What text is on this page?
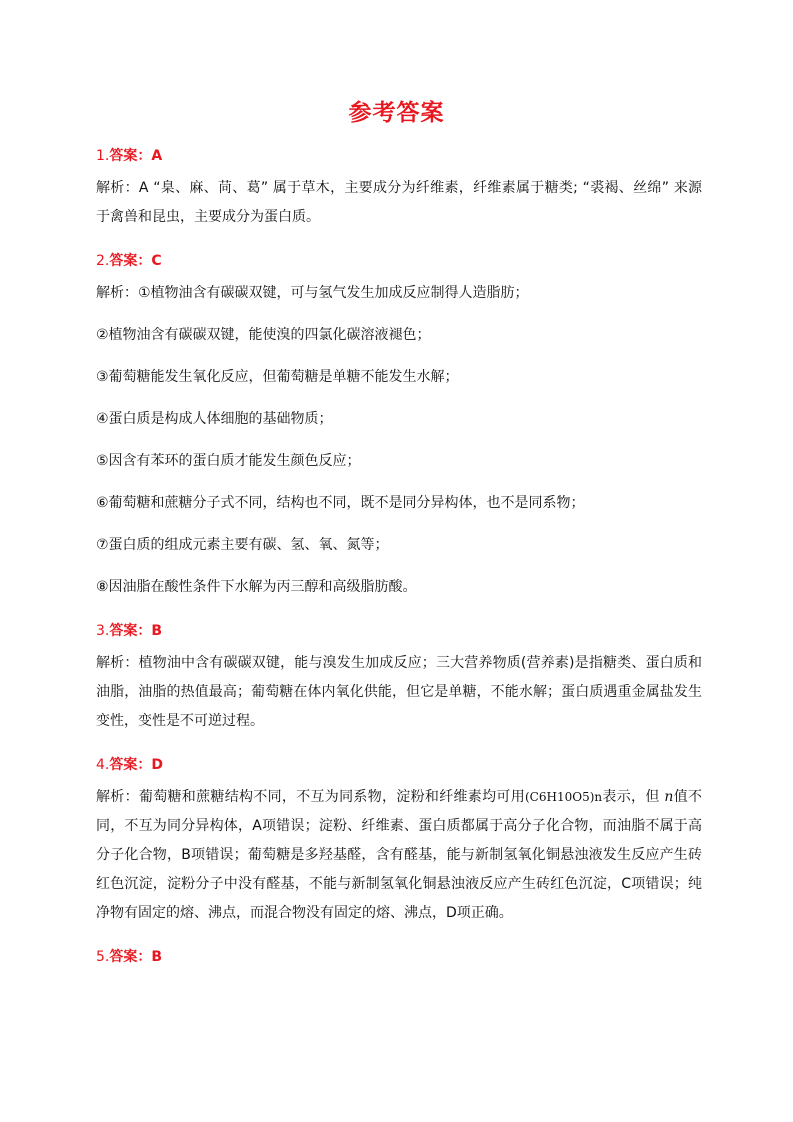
参考答案
1.答案：A
解析：A “臬、麻、苘、葛” 属于草木，主要成分为纤维素，纤维素属于糖类; “裘褐、丝绵” 来源于禽兽和昆虫，主要成分为蛋白质。
2.答案：C
解析：①植物油含有碳碳双键，可与氢气发生加成反应制得人造脂肪；
②植物油含有碳碳双键，能使溴的四氯化碳溶液褪色；
③葡萄糖能发生氧化反应，但葡萄糖是单糖不能发生水解；
④蛋白质是构成人体细胞的基础物质；
⑤因含有苯环的蛋白质才能发生颜色反应；
⑥葡萄糖和蔗糖分子式不同，结构也不同，既不是同分异构体，也不是同系物；
⑦蛋白质的组成元素主要有碳、氢、氧、氮等；
⑧因油脂在酸性条件下水解为丙三醇和高级脂肪酸。
3.答案：B
解析：植物油中含有碳碳双键，能与溴发生加成反应；三大营养物质(营养素)是指糖类、蛋白质和油脂，油脂的热值最高；葡萄糖在体内氧化供能，但它是单糖，不能水解；蛋白质遇重金属盐发生变性，变性是不可逆过程。
4.答案：D
解析：葡萄糖和蔗糖结构不同，不互为同系物，淀粉和纤维素均可用(C6H10O5)n表示，但 n值不同，不互为同分异构体，A项错误；淀粉、纤维素、蛋白质都属于高分子化合物，而油脂不属于高分子化合物，B项错误；葡萄糖是多羟基醛，含有醛基，能与新制氢氧化铜悬浊液发生反应产生砖红色沉淀，淀粉分子中没有醛基，不能与新制氢氧化铜悬浊液反应产生砖红色沉淀，C项错误；纯净物有固定的熔、沸点，而混合物没有固定的熔、沸点，D项正确。
5.答案：B
